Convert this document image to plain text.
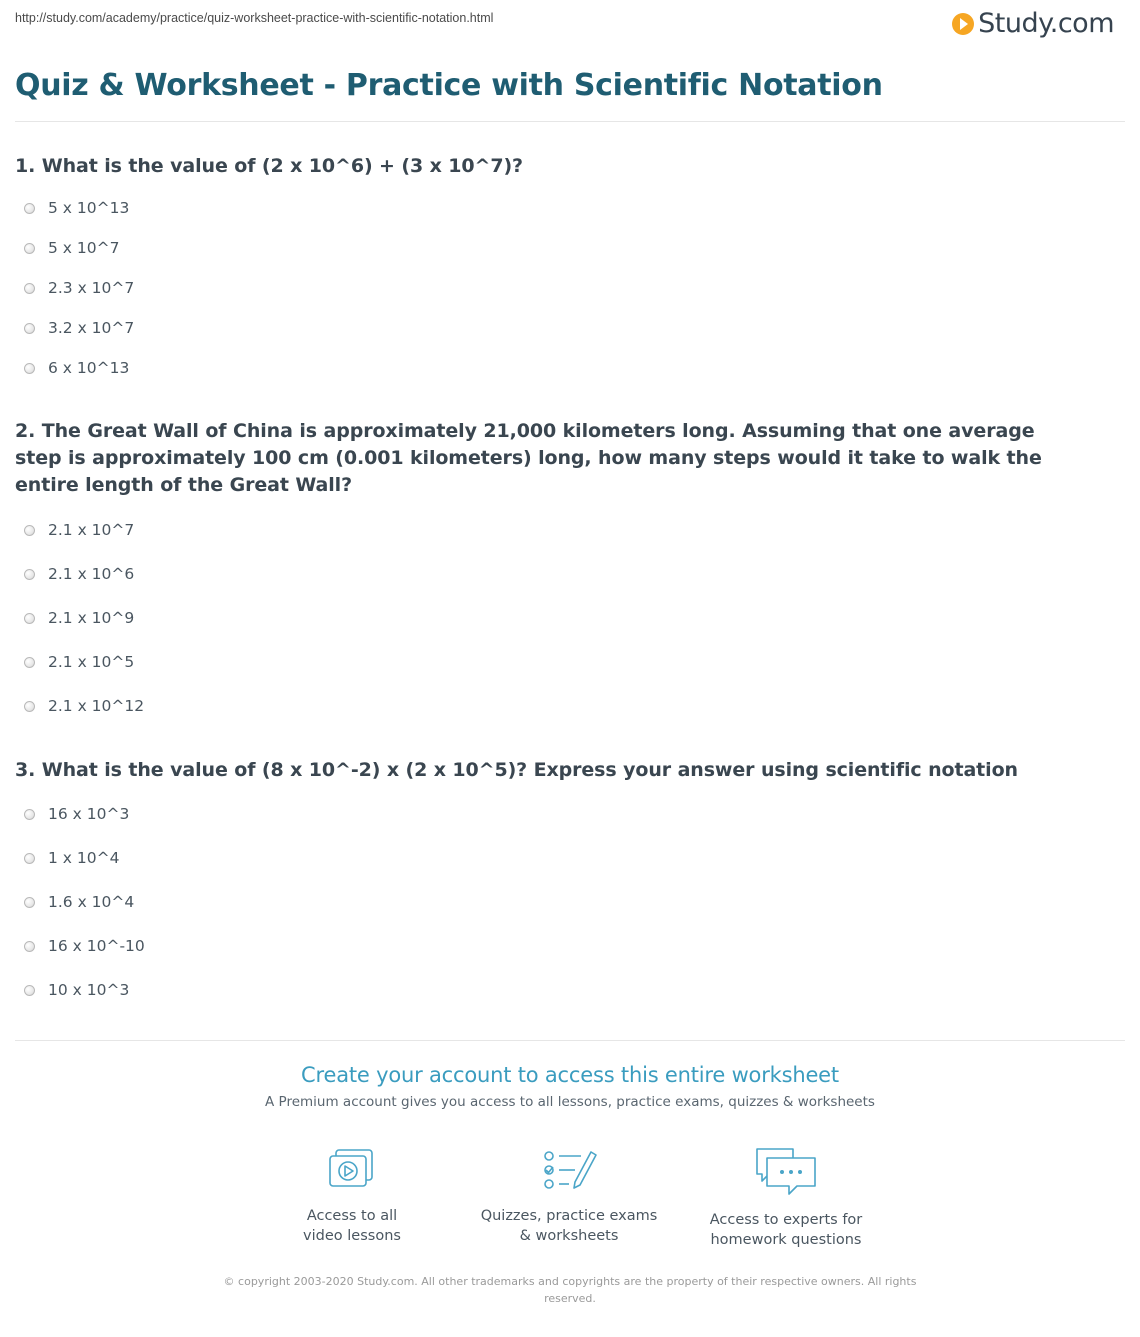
http://study.com/academy/practice/quiz-worksheet-practice-with-scientific-notation.html	Study.com
Quiz & Worksheet - Practice with Scientific Notation
1. What is the value of (2 x 10^6) + (3 x 10^7)?
5 x 10^13
5 x 10^7
2.3 x 10^7
3.2 x 10^7
6 x 10^13
2. The Great Wall of China is approximately 21,000 kilometers long. Assuming that one average step is approximately 100 cm (0.001 kilometers) long, how many steps would it take to walk the entire length of the Great Wall?
2.1 x 10^7
2.1 x 10^6
2.1 x 10^9
2.1 x 10^5
2.1 x 10^12
3. What is the value of (8 x 10^-2) x (2 x 10^5)? Express your answer using scientific notation
16 x 10^3
1 x 10^4
1.6 x 10^4
16 x 10^-10
10 x 10^3
Create your account to access this entire worksheet
A Premium account gives you access to all lessons, practice exams, quizzes & worksheets
Access to all
video lessons
Quizzes, practice exams
& worksheets
Access to experts for
homework questions
© copyright 2003-2020 Study.com. All other trademarks and copyrights are the property of their respective owners. All rights reserved.
